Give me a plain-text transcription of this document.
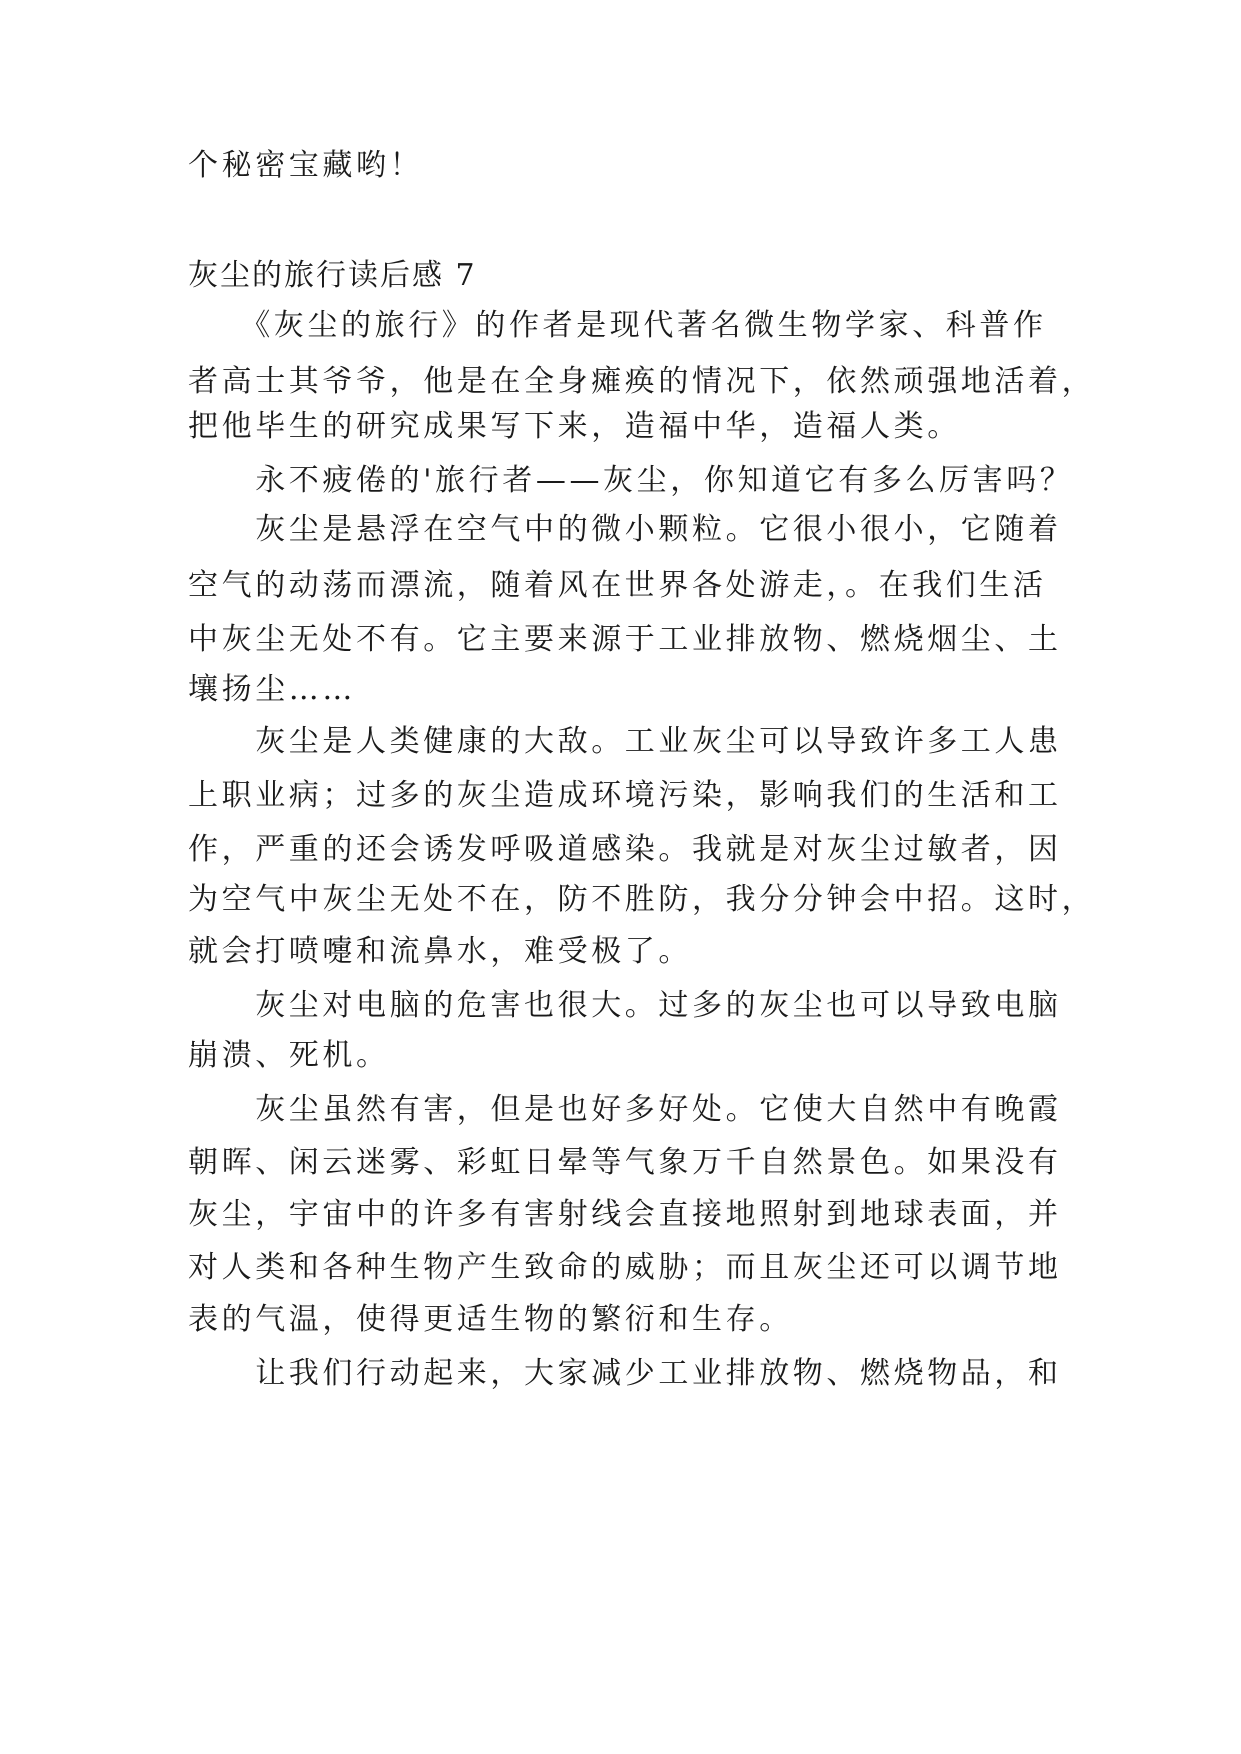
个秘密宝藏哟！
灰尘的旅行读后感 7
　　《灰尘的旅行》的作者是现代著名微生物学家、科普作
者高士其爷爷，他是在全身瘫痪的情况下，依然顽强地活着，
把他毕生的研究成果写下来，造福中华，造福人类。
　　永不疲倦的'旅行者——灰尘，你知道它有多么厉害吗？
　　灰尘是悬浮在空气中的微小颗粒。它很小很小，它随着
空气的动荡而漂流，随着风在世界各处游走，。在我们生活
中灰尘无处不有。它主要来源于工业排放物、燃烧烟尘、土
壤扬尘……
　　灰尘是人类健康的大敌。工业灰尘可以导致许多工人患
上职业病；过多的灰尘造成环境污染，影响我们的生活和工
作，严重的还会诱发呼吸道感染。我就是对灰尘过敏者，因
为空气中灰尘无处不在，防不胜防，我分分钟会中招。这时，
就会打喷嚏和流鼻水，难受极了。
　　灰尘对电脑的危害也很大。过多的灰尘也可以导致电脑
崩溃、死机。
　　灰尘虽然有害，但是也好多好处。它使大自然中有晚霞
朝晖、闲云迷雾、彩虹日晕等气象万千自然景色。如果没有
灰尘，宇宙中的许多有害射线会直接地照射到地球表面，并
对人类和各种生物产生致命的威胁；而且灰尘还可以调节地
表的气温，使得更适生物的繁衍和生存。
　　让我们行动起来，大家减少工业排放物、燃烧物品，和
